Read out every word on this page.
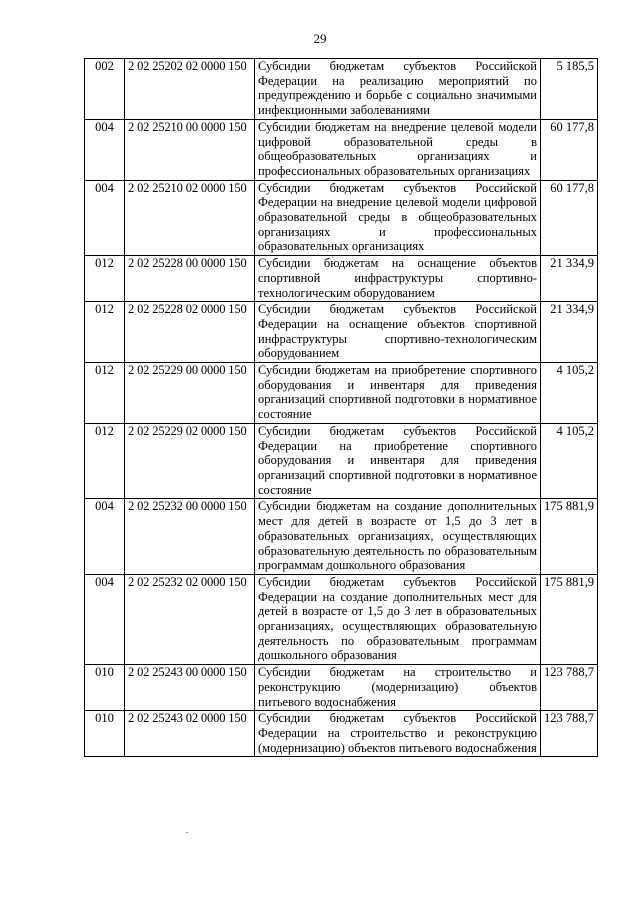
29
002	2 02 25202 02 0000 150	Субсидии бюджетам субъектов Российской Федерации на реализацию мероприятий по предупреждению и борьбе с социально значимыми инфекционными заболеваниями	5 185,5
004	2 02 25210 00 0000 150	Субсидии бюджетам на внедрение целевой модели цифровой образовательной среды в общеобразовательных организациях и профессиональных образовательных организациях	60 177,8
004	2 02 25210 02 0000 150	Субсидии бюджетам субъектов Российской Федерации на внедрение целевой модели цифровой образовательной среды в общеобразовательных организациях и профессиональных образовательных организациях	60 177,8
012	2 02 25228 00 0000 150	Субсидии бюджетам на оснащение объектов спортивной инфраструктуры спортивно-технологическим оборудованием	21 334,9
012	2 02 25228 02 0000 150	Субсидии бюджетам субъектов Российской Федерации на оснащение объектов спортивной инфраструктуры спортивно-технологическим оборудованием	21 334,9
012	2 02 25229 00 0000 150	Субсидии бюджетам на приобретение спортивного оборудования и инвентаря для приведения организаций спортивной подготовки в нормативное состояние	4 105,2
012	2 02 25229 02 0000 150	Субсидии бюджетам субъектов Российской Федерации на приобретение спортивного оборудования и инвентаря для приведения организаций спортивной подготовки в нормативное состояние	4 105,2
004	2 02 25232 00 0000 150	Субсидии бюджетам на создание дополнительных мест для детей в возрасте от 1,5 до 3 лет в образовательных организациях, осуществляющих образовательную деятельность по образовательным программам дошкольного образования	175 881,9
004	2 02 25232 02 0000 150	Субсидии бюджетам субъектов Российской Федерации на создание дополнительных мест для детей в возрасте от 1,5 до 3 лет в образовательных организациях, осуществляющих образовательную деятельность по образовательным программам дошкольного образования	175 881,9
010	2 02 25243 00 0000 150	Субсидии бюджетам на строительство и реконструкцию (модернизацию) объектов питьевого водоснабжения	123 788,7
010	2 02 25243 02 0000 150	Субсидии бюджетам субъектов Российской Федерации на строительство и реконструкцию (модернизацию) объектов питьевого водоснабжения	123 788,7
